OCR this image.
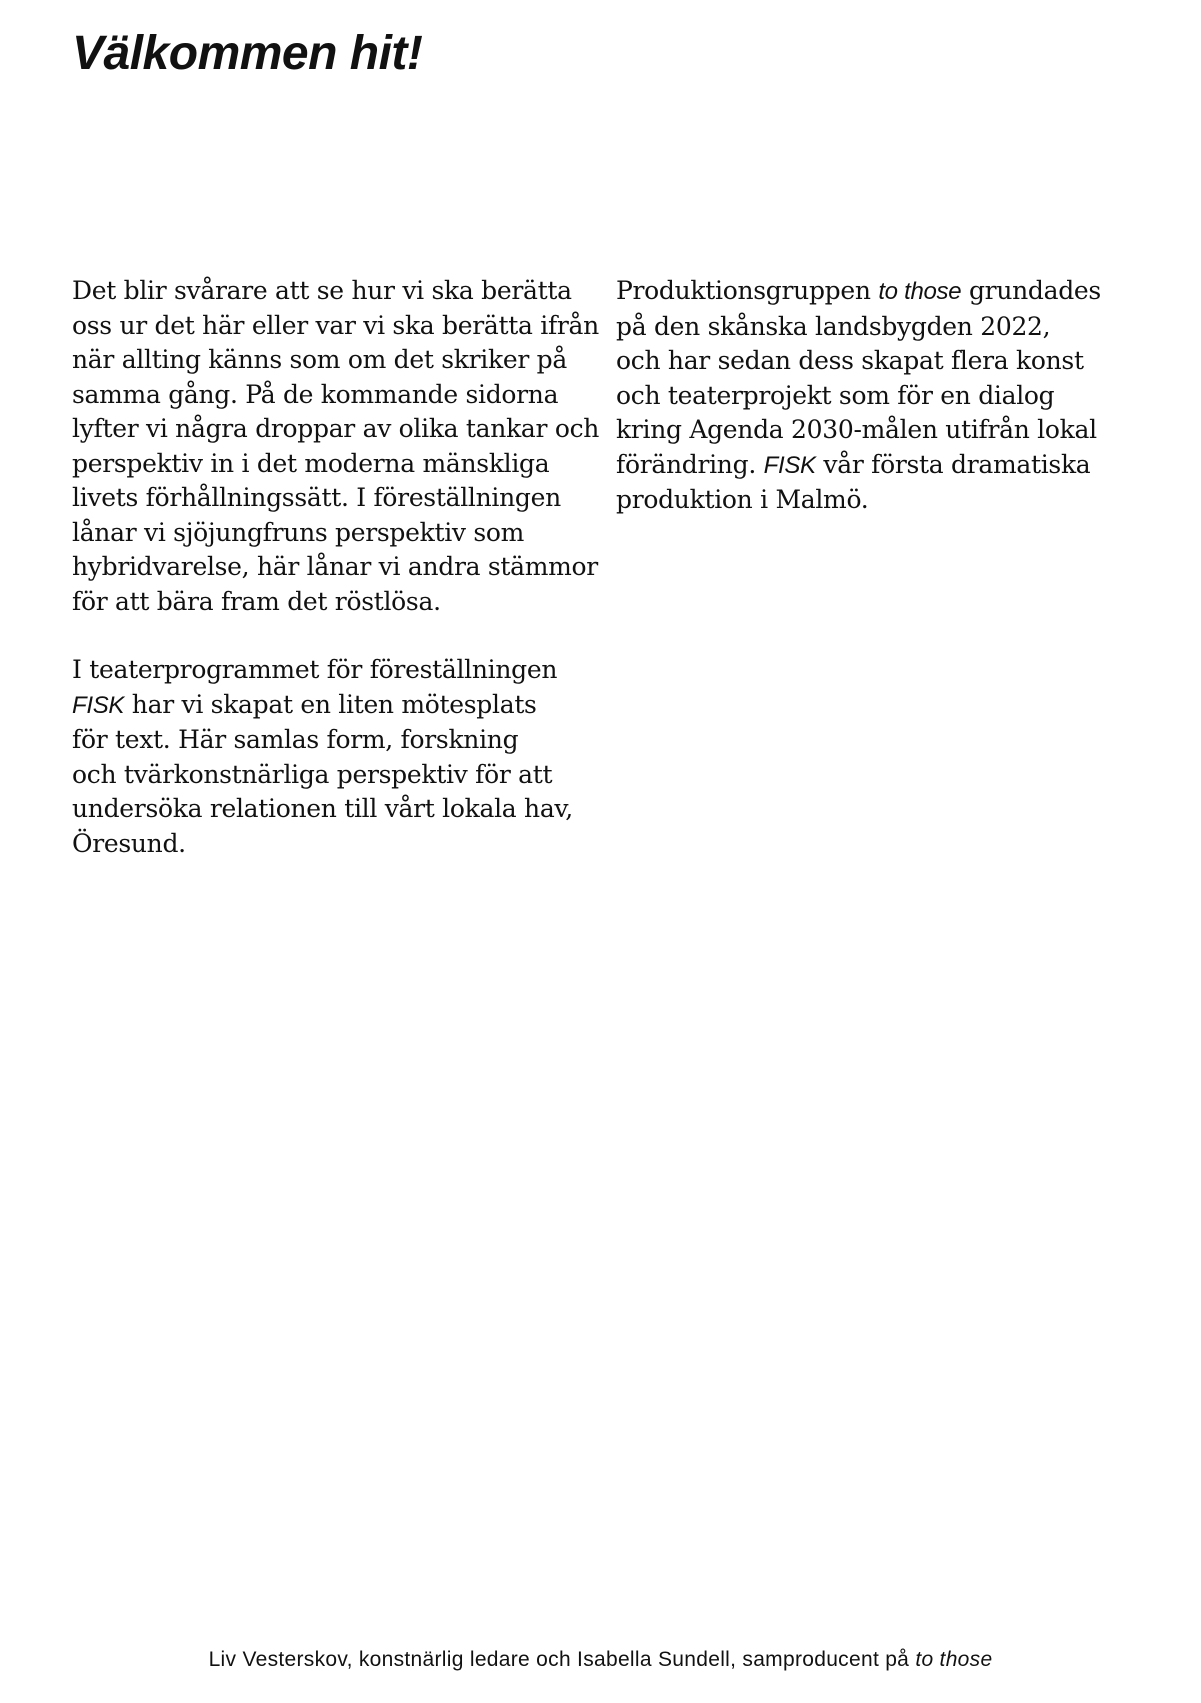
Välkommen hit!

Det blir svårare att se hur vi ska berätta
oss ur det här eller var vi ska berätta ifrån
när allting känns som om det skriker på
samma gång. På de kommande sidorna
lyfter vi några droppar av olika tankar och
perspektiv in i det moderna mänskliga
livets förhållningssätt. I föreställningen
lånar vi sjöjungfruns perspektiv som
hybridvarelse, här lånar vi andra stämmor
för att bära fram det röstlösa.

I teaterprogrammet för föreställningen
FISK har vi skapat en liten mötesplats
för text. Här samlas form, forskning
och tvärkonstnärliga perspektiv för att
undersöka relationen till vårt lokala hav,
Öresund.

Produktionsgruppen to those grundades
på den skånska landsbygden 2022,
och har sedan dess skapat flera konst
och teaterprojekt som för en dialog
kring Agenda 2030-målen utifrån lokal
förändring. FISK vår första dramatiska
produktion i Malmö.

Liv Vesterskov, konstnärlig ledare och Isabella Sundell, samproducent på to those
